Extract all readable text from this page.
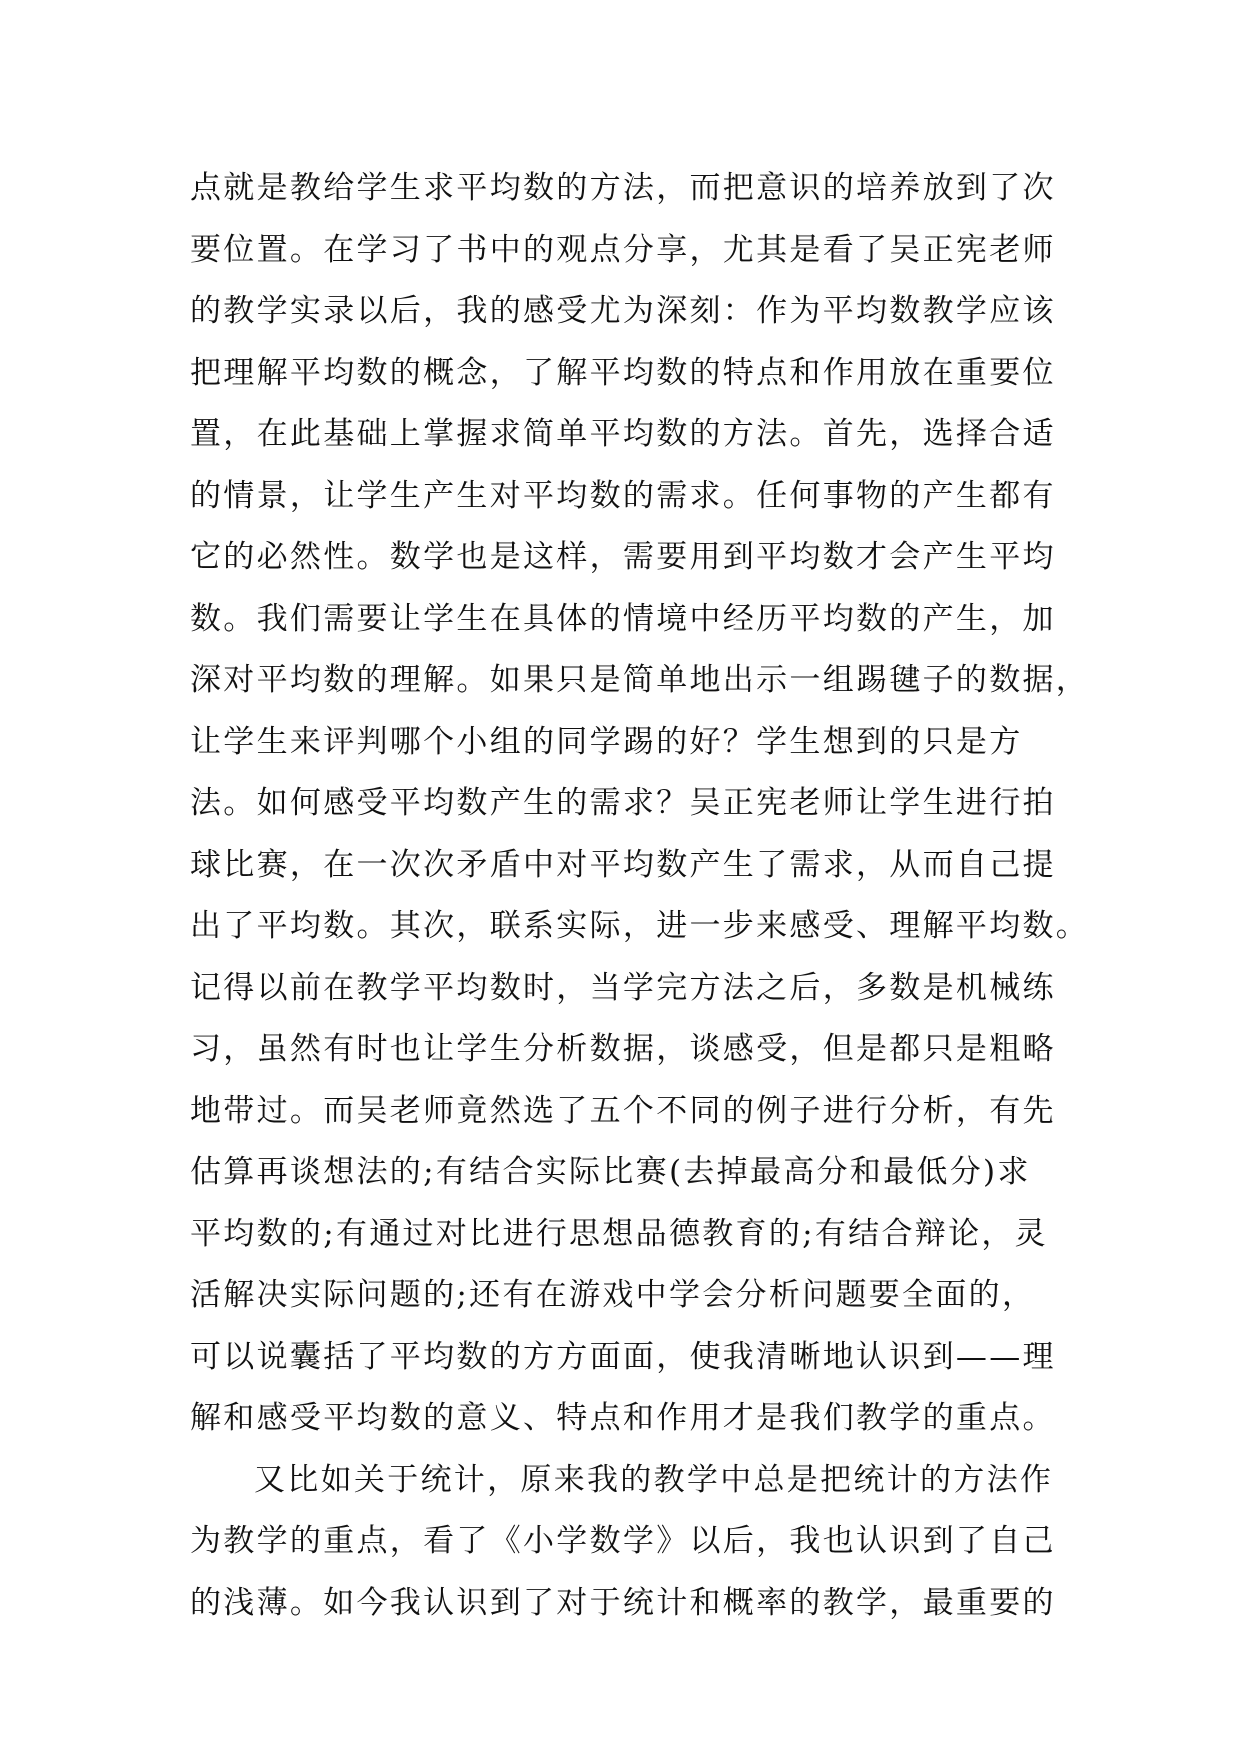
点就是教给学生求平均数的方法，而把意识的培养放到了次
要位置。在学习了书中的观点分享，尤其是看了吴正宪老师
的教学实录以后，我的感受尤为深刻：作为平均数教学应该
把理解平均数的概念，了解平均数的特点和作用放在重要位
置，在此基础上掌握求简单平均数的方法。首先，选择合适
的情景，让学生产生对平均数的需求。任何事物的产生都有
它的必然性。数学也是这样，需要用到平均数才会产生平均
数。我们需要让学生在具体的情境中经历平均数的产生，加
深对平均数的理解。如果只是简单地出示一组踢毽子的数据，
让学生来评判哪个小组的同学踢的好？学生想到的只是方
法。如何感受平均数产生的需求？吴正宪老师让学生进行拍
球比赛，在一次次矛盾中对平均数产生了需求，从而自己提
出了平均数。其次，联系实际，进一步来感受、理解平均数。
记得以前在教学平均数时，当学完方法之后，多数是机械练
习，虽然有时也让学生分析数据，谈感受，但是都只是粗略
地带过。而吴老师竟然选了五个不同的例子进行分析，有先
估算再谈想法的;有结合实际比赛(去掉最高分和最低分)求
平均数的;有通过对比进行思想品德教育的;有结合辩论，灵
活解决实际问题的;还有在游戏中学会分析问题要全面的，
可以说囊括了平均数的方方面面，使我清晰地认识到——理
解和感受平均数的意义、特点和作用才是我们教学的重点。
又比如关于统计，原来我的教学中总是把统计的方法作
为教学的重点，看了《小学数学》以后，我也认识到了自己
的浅薄。如今我认识到了对于统计和概率的教学，最重要的
